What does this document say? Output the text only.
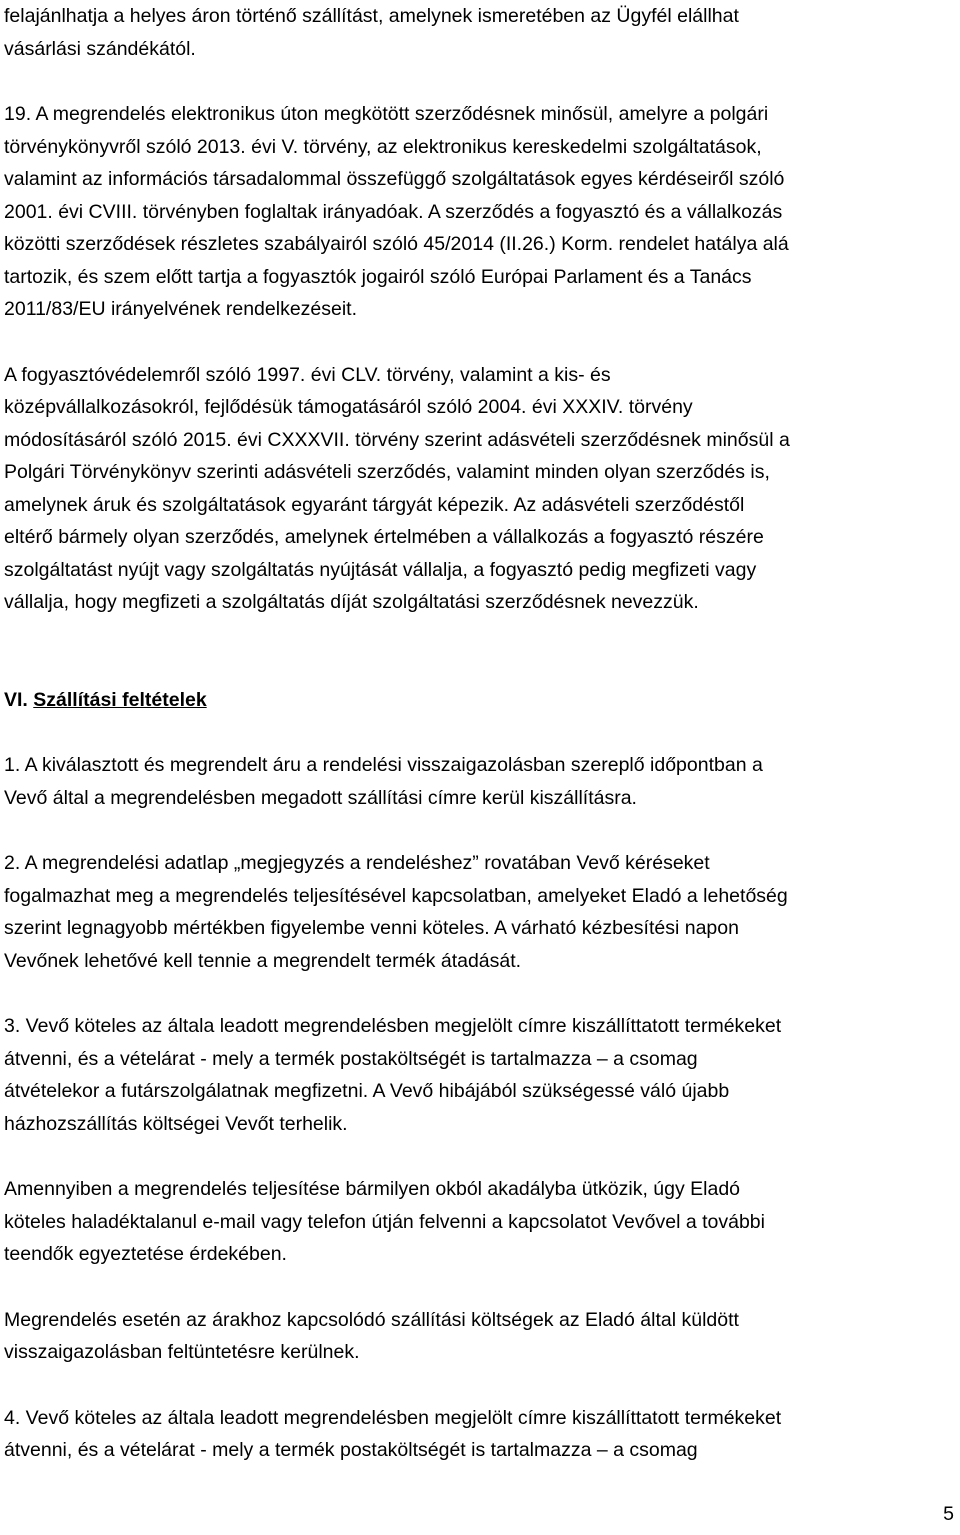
felajánlhatja a helyes áron történő szállítást, amelynek ismeretében az Ügyfél elállhat
vásárlási szándékától.
19. A megrendelés elektronikus úton megkötött szerződésnek minősül, amelyre a polgári
törvénykönyvről szóló 2013. évi V. törvény, az elektronikus kereskedelmi szolgáltatások,
valamint az információs társadalommal összefüggő szolgáltatások egyes kérdéseiről szóló
2001. évi CVIII. törvényben foglaltak irányadóak. A szerződés a fogyasztó és a vállalkozás
közötti szerződések részletes szabályairól szóló 45/2014 (II.26.) Korm. rendelet hatálya alá
tartozik, és szem előtt tartja a fogyasztók jogairól szóló Európai Parlament és a Tanács
2011/83/EU irányelvének rendelkezéseit.
A fogyasztóvédelemről szóló 1997. évi CLV. törvény, valamint a kis- és
középvállalkozásokról, fejlődésük támogatásáról szóló 2004. évi XXXIV. törvény
módosításáról szóló 2015. évi CXXXVII. törvény szerint adásvételi szerződésnek minősül a
Polgári Törvénykönyv szerinti adásvételi szerződés, valamint minden olyan szerződés is,
amelynek áruk és szolgáltatások egyaránt tárgyát képezik. Az adásvételi szerződéstől
eltérő bármely olyan szerződés, amelynek értelmében a vállalkozás a fogyasztó részére
szolgáltatást nyújt vagy szolgáltatás nyújtását vállalja, a fogyasztó pedig megfizeti vagy
vállalja, hogy megfizeti a szolgáltatás díját szolgáltatási szerződésnek nevezzük.
VI. Szállítási feltételek
1. A kiválasztott és megrendelt áru a rendelési visszaigazolásban szereplő időpontban a
Vevő által a megrendelésben megadott szállítási címre kerül kiszállításra.
2. A megrendelési adatlap „megjegyzés a rendeléshez” rovatában Vevő kéréseket
fogalmazhat meg a megrendelés teljesítésével kapcsolatban, amelyeket Eladó a lehetőség
szerint legnagyobb mértékben figyelembe venni köteles. A várható kézbesítési napon
Vevőnek lehetővé kell tennie a megrendelt termék átadását.
3. Vevő köteles az általa leadott megrendelésben megjelölt címre kiszállíttatott termékeket
átvenni, és a vételárat - mely a termék postaköltségét is tartalmazza – a csomag
átvételekor a futárszolgálatnak megfizetni. A Vevő hibájából szükségessé váló újabb
házhozszállítás költségei Vevőt terhelik.
Amennyiben a megrendelés teljesítése bármilyen okból akadályba ütközik, úgy Eladó
köteles haladéktalanul e-mail vagy telefon útján felvenni a kapcsolatot Vevővel a további
teendők egyeztetése érdekében.
Megrendelés esetén az árakhoz kapcsolódó szállítási költségek az Eladó által küldött
visszaigazolásban feltüntetésre kerülnek.
4. Vevő köteles az általa leadott megrendelésben megjelölt címre kiszállíttatott termékeket
átvenni, és a vételárat - mely a termék postaköltségét is tartalmazza – a csomag
5
